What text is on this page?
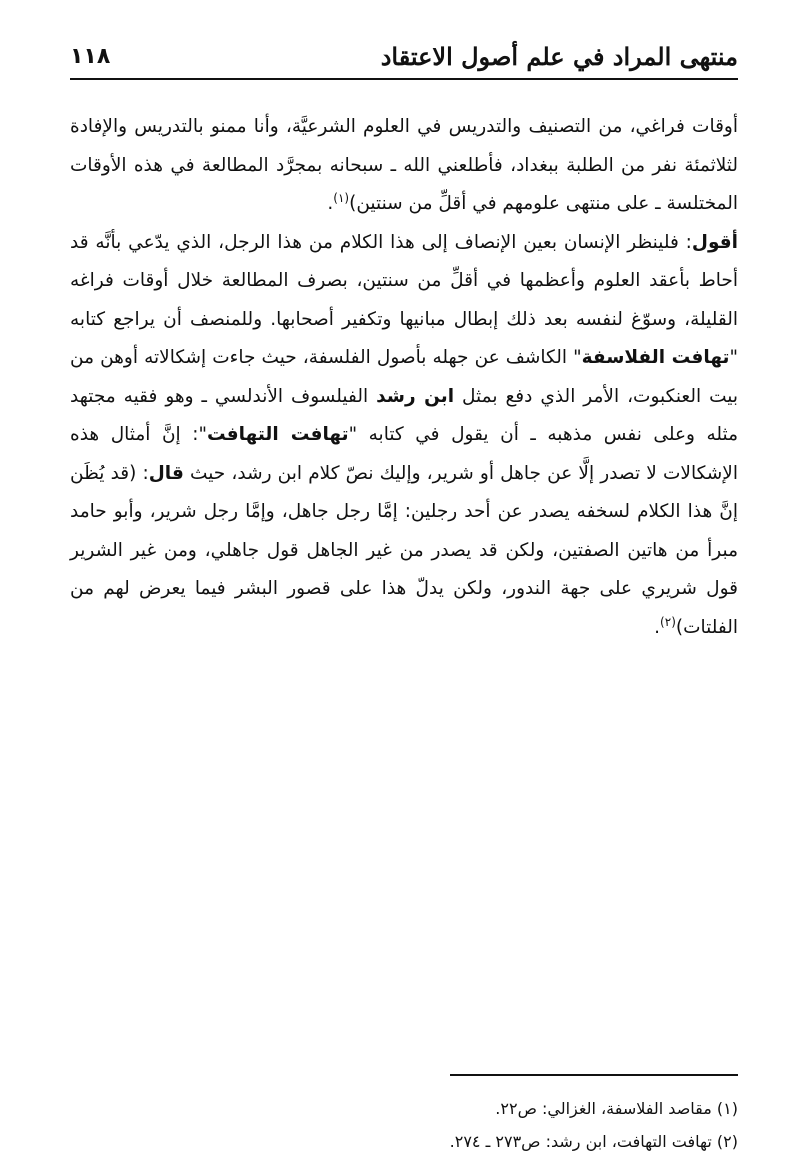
منتهى المراد في علم أصول الاعتقاد
١١٨

أوقات فراغي، من التصنيف والتدريس في العلوم الشرعيَّة، وأنا ممنو بالتدريس والإفادة لثلاثمئة نفر من الطلبة ببغداد، فأطلعني الله ـ سبحانه بمجرَّد المطالعة في هذه الأوقات المختلسة ـ على منتهى علومهم في أقلِّ من سنتين)$^{(١)}$.

أقول: فلينظر الإنسان بعين الإنصاف إلى هذا الكلام من هذا الرجل، الذي يدّعي بأنَّه قد أحاط بأعقد العلوم وأعظمها في أقلِّ من سنتين، بصرف المطالعة خلال أوقات فراغه القليلة، وسوّغ لنفسه بعد ذلك إبطال مبانيها وتكفير أصحابها. وللمنصف أن يراجع كتابه "تهافت الفلاسفة" الكاشف عن جهله بأصول الفلسفة، حيث جاءت إشكالاته أوهن من بيت العنكبوت، الأمر الذي دفع بمثل ابن رشد الفيلسوف الأندلسي ـ وهو فقيه مجتهد مثله وعلى نفس مذهبه ـ أن يقول في كتابه "تهافت التهافت": إنَّ أمثال هذه الإشكالات لا تصدر إلَّا عن جاهل أو شرير، وإليك نصّ كلام ابن رشد، حيث قال: (قد يُظَن إنَّ هذا الكلام لسخفه يصدر عن أحد رجلين: إمَّا رجل جاهل، وإمَّا رجل شرير، وأبو حامد مبرأ من هاتين الصفتين، ولكن قد يصدر من غير الجاهل قول جاهلي، ومن غير الشرير قول شريري على جهة الندور، ولكن يدلّ هذا على قصور البشر فيما يعرض لهم من الفلتات)$^{(٢)}$.

(١) مقاصد الفلاسفة، الغزالي: ص٢٢.
(٢) تهافت التهافت، ابن رشد: ص٢٧٣ ـ ٢٧٤.
